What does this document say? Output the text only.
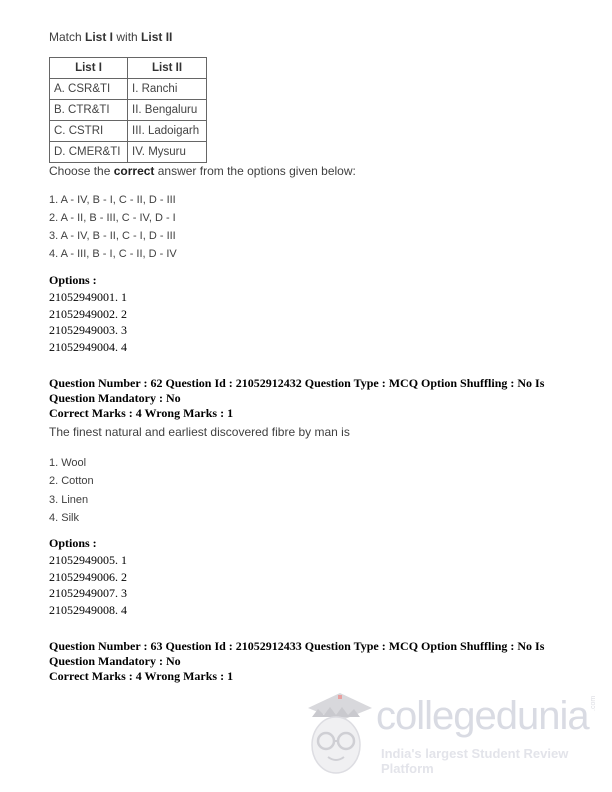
Match List I with List II
List I	List II
A. CSR&TI	I. Ranchi
B. CTR&TI	II. Bengaluru
C. CSTRI	III. Ladoigarh
D. CMER&TI	IV. Mysuru
Choose the correct answer from the options given below:
1. A - IV, B - I, C - II, D - III
2. A - II, B - III, C - IV, D - I
3. A - IV, B - II, C - I, D - III
4. A - III, B - I, C - II, D - IV
Options :
21052949001. 1
21052949002. 2
21052949003. 3
21052949004. 4
Question Number : 62 Question Id : 21052912432 Question Type : MCQ Option Shuffling : No Is
Question Mandatory : No
Correct Marks : 4 Wrong Marks : 1
The finest natural and earliest discovered fibre by man is
1. Wool
2. Cotton
3. Linen
4. Silk
Options :
21052949005. 1
21052949006. 2
21052949007. 3
21052949008. 4
Question Number : 63 Question Id : 21052912433 Question Type : MCQ Option Shuffling : No Is
Question Mandatory : No
Correct Marks : 4 Wrong Marks : 1
collegedunia .com
India's largest Student Review Platform
